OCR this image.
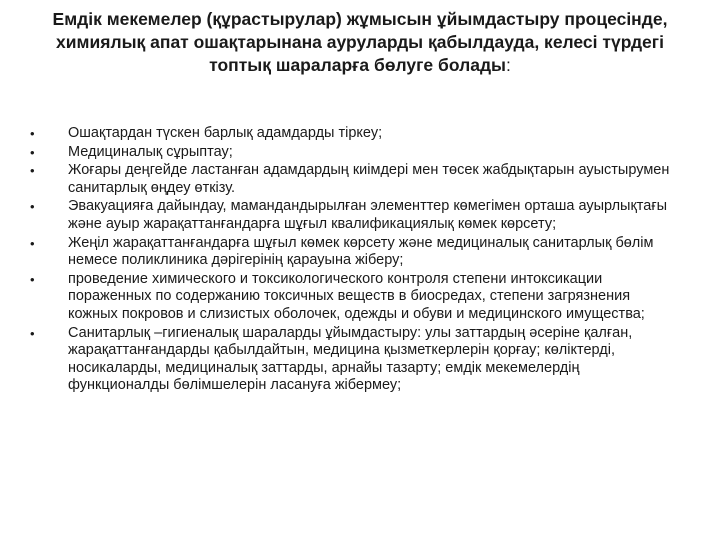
Емдік мекемелер (құрастырулар) жұмысын ұйымдастыру процесінде, химиялық апат ошақтарынана ауруларды қабылдауда, келесі түрдегі топтық шараларға бөлуге болады:
•	Ошақтардан түскен барлық адамдарды тіркеу;
•	Медициналық сұрыптау;
•	Жоғары деңгейде ластанған адамдардың киімдері мен төсек жабдықтарын ауыстырумен санитарлық өңдеу өткізу.
•	Эвакуацияға дайындау, мамандандырылған элементтер көмегімен орташа ауырлықтағы және ауыр жарақаттанғандарға шұғыл квалификациялық көмек көрсету;
•	Жеңіл жарақаттанғандарға шұғыл көмек көрсету және медициналық санитарлық бөлім немесе поликлиника дәрігерінің қарауына жіберу;
•	проведение химического и токсикологического контроля степени интоксикации пораженных по содержанию токсичных веществ в биосредах, степени загрязнения кожных покровов и слизистых оболочек, одежды и обуви и медицинского имущества;
•	Санитарлық –гигиеналық шараларды ұйымдастыру: улы заттардың әсеріне қалған, жарақаттанғандарды қабылдайтын, медицина қызметкерлерін қорғау; көліктерді, носикаларды, медициналық заттарды, арнайы тазарту; емдік мекемелердің функционалды бөлімшелерін ласануға жібермеу;
